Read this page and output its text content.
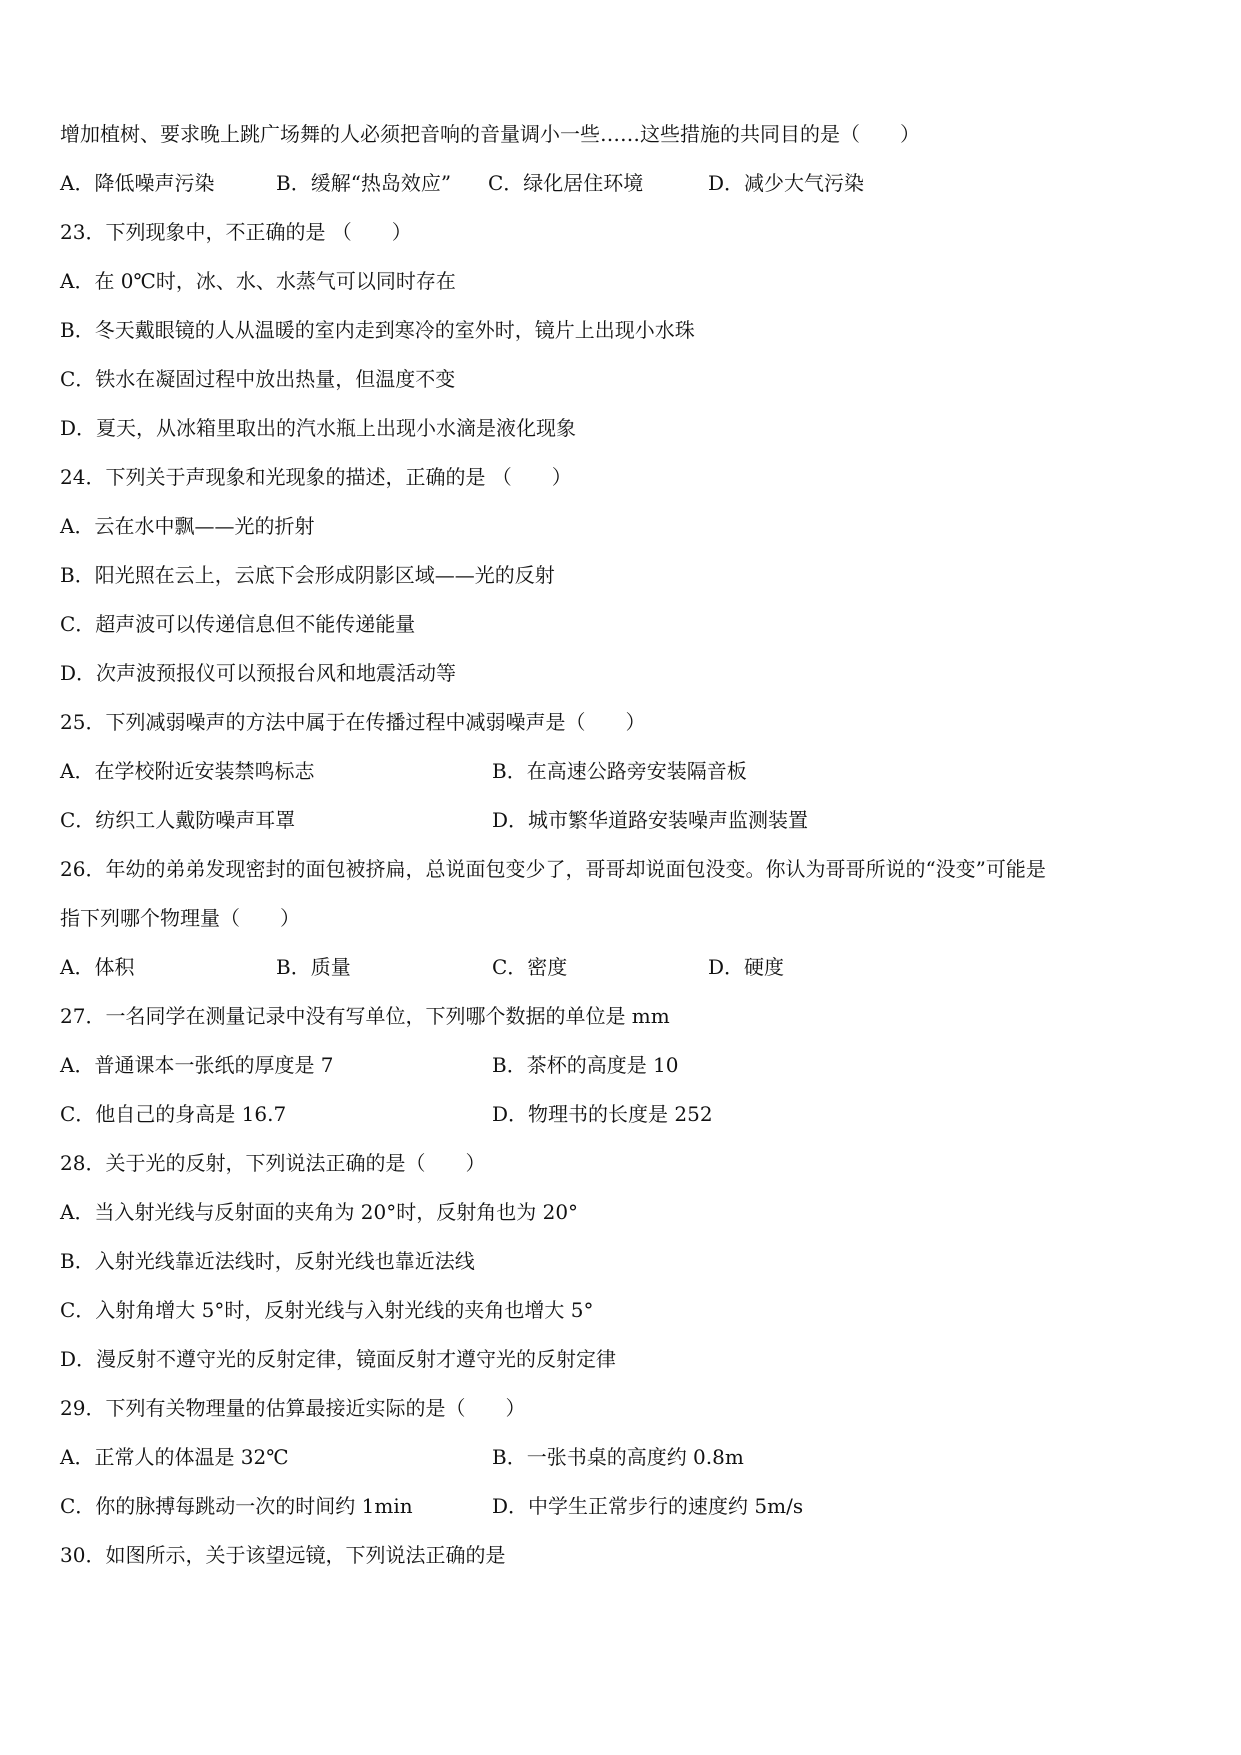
增加植树、要求晚上跳广场舞的人必须把音响的音量调小一些……这些措施的共同目的是（　　）
A．降低噪声污染	B．缓解“热岛效应” C．绿化居住环境	D．减少大气污染
23．下列现象中，不正确的是 （　　）
A．在 0℃时，冰、水、水蒸气可以同时存在
B．冬天戴眼镜的人从温暖的室内走到寒冷的室外时，镜片上出现小水珠
C．铁水在凝固过程中放出热量，但温度不变
D．夏天，从冰箱里取出的汽水瓶上出现小水滴是液化现象
24．下列关于声现象和光现象的描述，正确的是 （　　）
A．云在水中飘——光的折射
B．阳光照在云上，云底下会形成阴影区域——光的反射
C．超声波可以传递信息但不能传递能量
D．次声波预报仪可以预报台风和地震活动等
25．下列减弱噪声的方法中属于在传播过程中减弱噪声是（　　）
A．在学校附近安装禁鸣标志	B．在高速公路旁安装隔音板
C．纺织工人戴防噪声耳罩	D．城市繁华道路安装噪声监测装置
26．年幼的弟弟发现密封的面包被挤扁，总说面包变少了，哥哥却说面包没变。你认为哥哥所说的“没变”可能是
指下列哪个物理量（　　）
A．体积	B．质量	C．密度	D．硬度
27．一名同学在测量记录中没有写单位，下列哪个数据的单位是 mm
A．普通课本一张纸的厚度是 7	B．茶杯的高度是 10
C．他自己的身高是 16.7	D．物理书的长度是 252
28．关于光的反射，下列说法正确的是（　　）
A．当入射光线与反射面的夹角为 20°时，反射角也为 20°
B．入射光线靠近法线时，反射光线也靠近法线
C．入射角增大 5°时，反射光线与入射光线的夹角也增大 5°
D．漫反射不遵守光的反射定律，镜面反射才遵守光的反射定律
29．下列有关物理量的估算最接近实际的是（　　）
A．正常人的体温是 32℃	B．一张书桌的高度约 0.8m
C．你的脉搏每跳动一次的时间约 1min	D．中学生正常步行的速度约 5m/s
30．如图所示，关于该望远镜，下列说法正确的是
